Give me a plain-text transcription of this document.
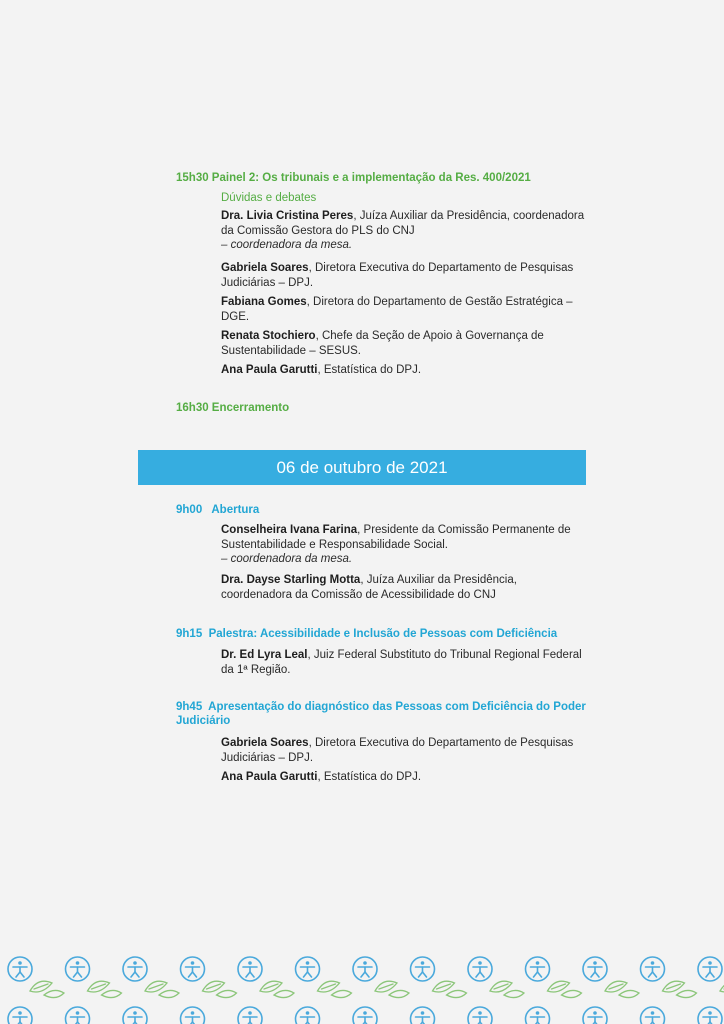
15h30 Painel 2: Os tribunais e a implementação da Res. 400/2021
Dúvidas e debates
Dra. Livia Cristina Peres, Juíza Auxiliar da Presidência, coordenadora da Comissão Gestora do PLS do CNJ
– coordenadora da mesa.
Gabriela Soares, Diretora Executiva do Departamento de Pesquisas Judiciárias – DPJ.
Fabiana Gomes, Diretora do Departamento de Gestão Estratégica – DGE.
Renata Stochiero, Chefe da Seção de Apoio à Governança de Sustentabilidade – SESUS.
Ana Paula Garutti, Estatística do DPJ.
16h30 Encerramento
06 de outubro de 2021
9h00   Abertura
Conselheira Ivana Farina, Presidente da Comissão Permanente de Sustentabilidade e Responsabilidade Social.
– coordenadora da mesa.
Dra. Dayse Starling Motta, Juíza Auxiliar da Presidência, coordenadora da Comissão de Acessibilidade do CNJ
9h15  Palestra: Acessibilidade e Inclusão de Pessoas com Deficiência
Dr. Ed Lyra Leal, Juiz Federal Substituto do Tribunal Regional Federal da 1ª Região.
9h45  Apresentação do diagnóstico das Pessoas com Deficiência do Poder Judiciário
Gabriela Soares, Diretora Executiva do Departamento de Pesquisas Judiciárias – DPJ.
Ana Paula Garutti, Estatística do DPJ.
